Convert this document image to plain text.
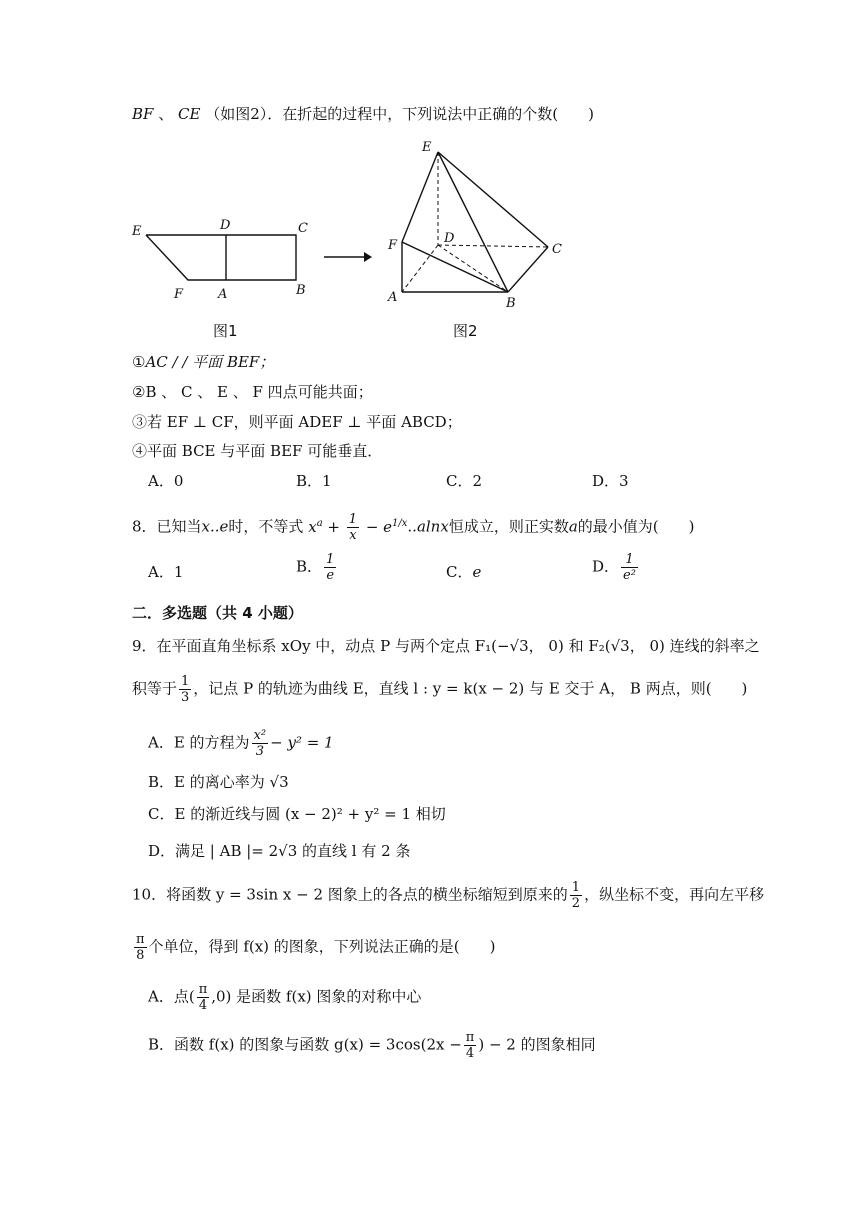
BF 、 CE （如图2）．在折起的过程中，下列说法中正确的个数(　　)
E	D	C
F	A	B
图1
E
F	D
C
A	B
图2
①AC / / 平面 BEF；
②B 、 C 、 E 、 F 四点可能共面；
③若 EF ⊥ CF，则平面 ADEF ⊥ 平面 ABCD；
④平面 BCE 与平面 BEF 可能垂直．
A．0	B．1	C．2	D．3
8．已知当x..e时，不等式 $x^a + \frac{1}{x} - e^{1/x}..alnx$恒成立，则正实数a的最小值为(　　)
A．1	B． $\frac{1}{e}$	C．e	D． $\frac{1}{\text{e²}}$
二．多选题（共 4 小题）
9．在平面直角坐标系 xOy 中，动点 P 与两个定点 F₁(−√3， 0) 和 F₂(√3， 0) 连线的斜率之
积等于 $\frac{1}{3}$ ，记点 P 的轨迹为曲线 E，直线 l : y = k(x − 2) 与 E 交于 A， B 两点，则(　　)
A．E 的方程为 $\frac{\text{x²}}{3} - y^2 = 1$
B．E 的离心率为 √3
C．E 的渐近线与圆 (x − 2)² + y² = 1 相切
D．满足 | AB |= 2√3 的直线 l 有 2 条
10．将函数 y = 3sin x − 2 图象上的各点的横坐标缩短到原来的 $\frac{1}{2}$ ，纵坐标不变，再向左平移
$\frac{\pi}{8}$ 个单位，得到 f(x) 的图象，下列说法正确的是(　　)
A．点( $\frac{\pi}{4} ,0$) 是函数 f(x) 图象的对称中心
B．函数 f(x) 的图象与函数 $g(x) = 3\cos(2x - \frac{\pi}{4}$ ) − 2 的图象相同
